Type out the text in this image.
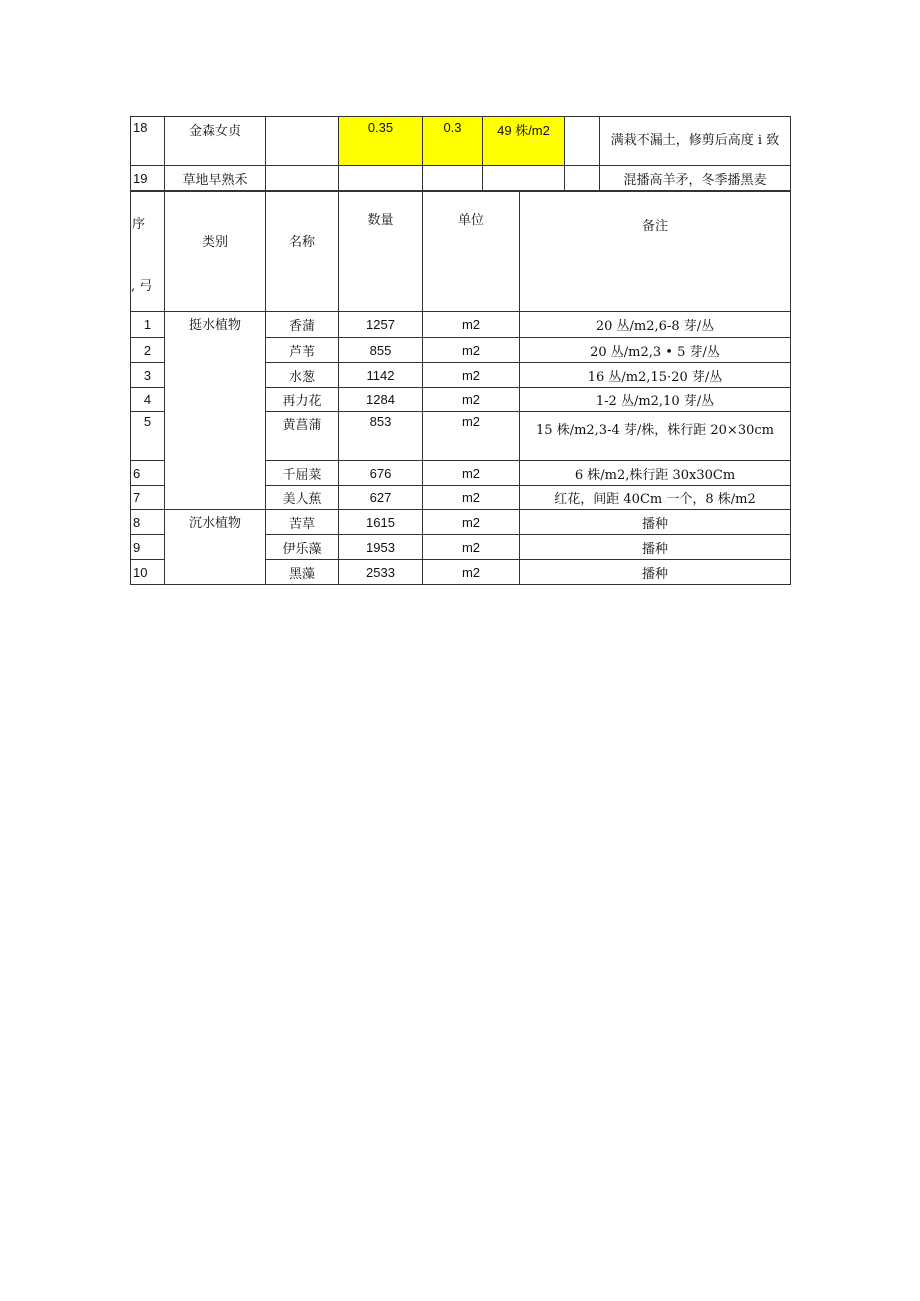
18	金森女贞		0.35	0.3	49 株/m2		满栽不漏土，修剪后高度 i 致
19	草地早熟禾						混播高羊矛，冬季播黑麦
序
, 弓	类别	名称	数量	单位	备注
1	挺水植物	香蒲	1257	m2	20 丛/m2,6-8 芽/丛
2		芦苇	855	m2	20 丛/m2,3 • 5 芽/丛
3		水葱	1142	m2	16 丛/m2,15·20 芽/丛
4		再力花	1284	m2	1-2 丛/m2,10 芽/丛
5		黄菖蒲	853	m2	15 株/m2,3-4 芽/株，株行距 20×30cm
6		千屈菜	676	m2	6 株/m2,株行距 30x30Cm
7		美人蕉	627	m2	红花，间距 40Cm 一个，8 株/m2
8	沉水植物	苦草	1615	m2	播种
9		伊乐藻	1953	m2	播种
10		黑藻	2533	m2	播种
